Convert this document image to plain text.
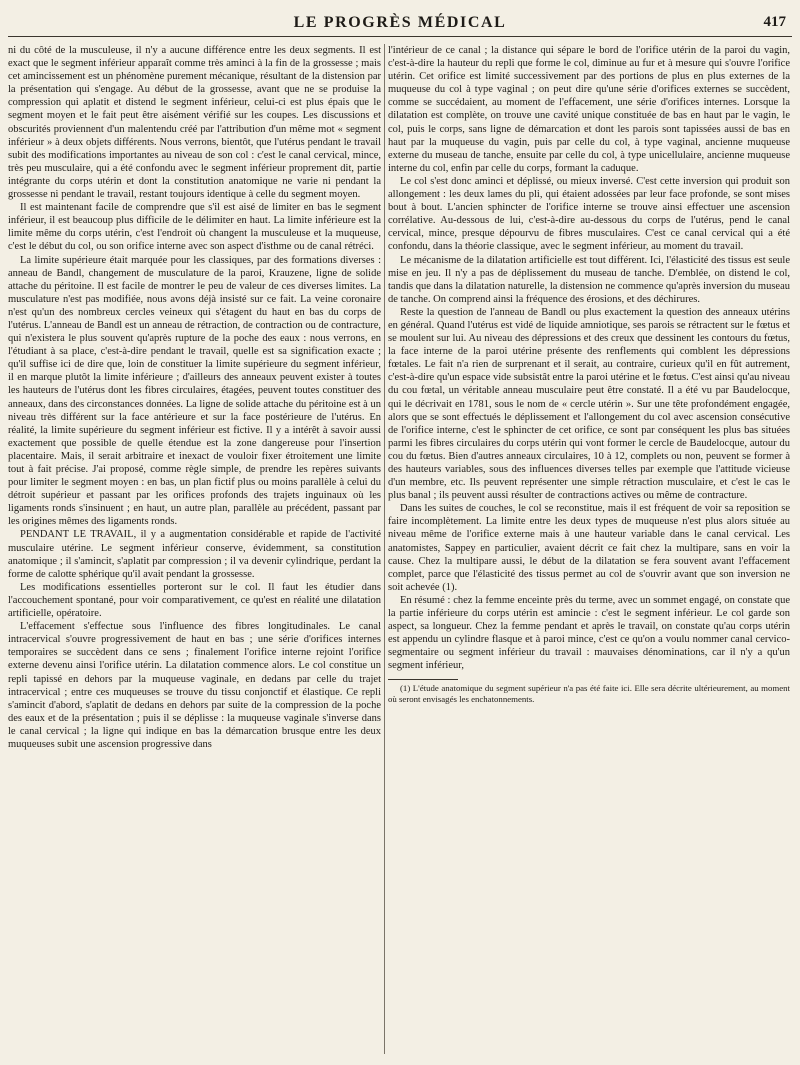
LE PROGRÈS MÉDICAL	417

ni du côté de la musculeuse, il n'y a aucune différence entre les deux segments. Il est exact que le segment inférieur apparaît comme très aminci à la fin de la grossesse ; mais cet amincissement est un phénomène purement mécanique, résultant de la distension par la présentation qui s'engage. Au début de la grossesse, avant que ne se produise la compression qui aplatit et distend le segment inférieur, celui-ci est plus épais que le segment moyen et le fait peut être aisément vérifié sur les coupes. Les discussions et obscurités proviennent d'un malentendu créé par l'attribution d'un même mot « segment inférieur » à deux objets différents. Nous verrons, bientôt, que l'utérus pendant le travail subit des modifications importantes au niveau de son col : c'est le canal cervical, mince, très peu musculaire, qui a été confondu avec le segment inférieur proprement dit, partie intégrante du corps utérin et dont la constitution anatomique ne varie ni pendant la grossesse ni pendant le travail, restant toujours identique à celle du segment moyen.

Il est maintenant facile de comprendre que s'il est aisé de limiter en bas le segment inférieur, il est beaucoup plus difficile de le délimiter en haut. La limite inférieure est la limite même du corps utérin, c'est l'endroit où changent la musculeuse et la muqueuse, c'est le début du col, ou son orifice interne avec son aspect d'isthme ou de canal rétréci.

La limite supérieure était marquée pour les classiques, par des formations diverses : anneau de Bandl, changement de musculature de la paroi, Krauzene, ligne de solide attache du péritoine. Il est facile de montrer le peu de valeur de ces diverses limites. La musculature n'est pas modifiée, nous avons déjà insisté sur ce fait. La veine coronaire n'est qu'un des nombreux cercles veineux qui s'étagent du haut en bas du corps de l'utérus. L'anneau de Bandl est un anneau de rétraction, de contraction ou de contracture, qui n'existera le plus souvent qu'après rupture de la poche des eaux : nous verrons, en l'étudiant à sa place, c'est-à-dire pendant le travail, quelle est sa signification exacte ; qu'il suffise ici de dire que, loin de constituer la limite supérieure du segment inférieur, il en marque plutôt la limite inférieure ; d'ailleurs des anneaux peuvent exister à toutes les hauteurs de l'utérus dont les fibres circulaires, étagées, peuvent toutes constituer des anneaux, dans des circonstances données. La ligne de solide attache du péritoine est à un niveau très différent sur la face antérieure et sur la face postérieure de l'utérus. En réalité, la limite supérieure du segment inférieur est fictive. Il y a intérêt à savoir aussi exactement que possible de quelle étendue est la zone dangereuse pour l'insertion placentaire. Mais, il serait arbitraire et inexact de vouloir fixer étroitement une limite tout à fait précise. J'ai proposé, comme règle simple, de prendre les repères suivants pour limiter le segment moyen : en bas, un plan fictif plus ou moins parallèle à celui du détroit supérieur et passant par les orifices profonds des trajets inguinaux où les ligaments ronds s'insinuent ; en haut, un autre plan, parallèle au précédent, passant par les origines mêmes des ligaments ronds.

PENDANT LE TRAVAIL, il y a augmentation considérable et rapide de l'activité musculaire utérine. Le segment inférieur conserve, évidemment, sa constitution anatomique ; il s'amincit, s'aplatit par compression ; il va devenir cylindrique, perdant la forme de calotte sphérique qu'il avait pendant la grossesse.

Les modifications essentielles porteront sur le col. Il faut les étudier dans l'accouchement spontané, pour voir comparativement, ce qu'est en réalité une dilatation artificielle, opératoire.

L'effacement s'effectue sous l'influence des fibres longitudinales. Le canal intracervical s'ouvre progressivement de haut en bas ; une série d'orifices internes temporaires se succèdent dans ce sens ; finalement l'orifice interne rejoint l'orifice externe devenu ainsi l'orifice utérin. La dilatation commence alors. Le col constitue un repli tapissé en dehors par la muqueuse vaginale, en dedans par celle du trajet intracervical ; entre ces muqueuses se trouve du tissu conjonctif et élastique. Ce repli s'amincit d'abord, s'aplatit de dedans en dehors par suite de la compression de la poche des eaux et de la présentation ; puis il se déplisse : la muqueuse vaginale s'inverse dans le canal cervical ; la ligne qui indique en bas la démarcation brusque entre les deux muqueuses subit une ascension progressive dans

l'intérieur de ce canal ; la distance qui sépare le bord de l'orifice utérin de la paroi du vagin, c'est-à-dire la hauteur du repli que forme le col, diminue au fur et à mesure qui s'ouvre l'orifice utérin. Cet orifice est limité successivement par des portions de plus en plus externes de la muqueuse du col à type vaginal ; on peut dire qu'une série d'orifices externes se succèdent, comme se succédaient, au moment de l'effacement, une série d'orifices internes. Lorsque la dilatation est complète, on trouve une cavité unique constituée de bas en haut par le vagin, le col, puis le corps, sans ligne de démarcation et dont les parois sont tapissées aussi de bas en haut par la muqueuse du vagin, puis par celle du col, à type vaginal, ancienne muqueuse externe du museau de tanche, ensuite par celle du col, à type unicellulaire, ancienne muqueuse interne du col, enfin par celle du corps, formant la caduque.

Le col s'est donc aminci et déplissé, ou mieux inversé. C'est cette inversion qui produit son allongement : les deux lames du pli, qui étaient adossées par leur face profonde, se sont mises bout à bout. L'ancien sphincter de l'orifice interne se trouve ainsi effectuer une ascension corrélative. Au-dessous de lui, c'est-à-dire au-dessous du corps de l'utérus, pend le canal cervical, mince, presque dépourvu de fibres musculaires. C'est ce canal cervical qui a été confondu, dans la théorie classique, avec le segment inférieur, au moment du travail.

Le mécanisme de la dilatation artificielle est tout différent. Ici, l'élasticité des tissus est seule mise en jeu. Il n'y a pas de déplissement du museau de tanche. D'emblée, on distend le col, tandis que dans la dilatation naturelle, la distension ne commence qu'après inversion du museau de tanche. On comprend ainsi la fréquence des érosions, et des déchirures.

Reste la question de l'anneau de Bandl ou plus exactement la question des anneaux utérins en général. Quand l'utérus est vidé de liquide amniotique, ses parois se rétractent sur le fœtus et se moulent sur lui. Au niveau des dépressions et des creux que dessinent les contours du fœtus, la face interne de la paroi utérine présente des renflements qui comblent les dépressions fœtales. Le fait n'a rien de surprenant et il serait, au contraire, curieux qu'il en fût autrement, c'est-à-dire qu'un espace vide subsistât entre la paroi utérine et le fœtus. C'est ainsi qu'au niveau du cou fœtal, un véritable anneau musculaire peut être constaté. Il a été vu par Baudelocque, qui le décrivait en 1781, sous le nom de « cercle utérin ». Sur une tête profondément engagée, alors que se sont effectués le déplissement et l'allongement du col avec ascension consécutive de l'orifice interne, c'est le sphincter de cet orifice, ce sont par conséquent les plus bas situées parmi les fibres circulaires du corps utérin qui vont former le cercle de Baudelocque, autour du cou du fœtus. Bien d'autres anneaux circulaires, 10 à 12, complets ou non, peuvent se former à des hauteurs variables, sous des influences diverses telles par exemple que l'attitude vicieuse d'un membre, etc. Ils peuvent représenter une simple rétraction musculaire, et c'est le cas le plus banal ; ils peuvent aussi résulter de contractions actives ou même de contracture.

Dans les suites de couches, le col se reconstitue, mais il est fréquent de voir sa reposition se faire incomplètement. La limite entre les deux types de muqueuse n'est plus alors située au niveau même de l'orifice externe mais à une hauteur variable dans le canal cervical. Les anatomistes, Sappey en particulier, avaient décrit ce fait chez la multipare, sans en voir la cause. Chez la multipare aussi, le début de la dilatation se fera souvent avant l'effacement complet, parce que l'élasticité des tissus permet au col de s'ouvrir avant que son inversion ne soit achevée (1).

En résumé : chez la femme enceinte près du terme, avec un sommet engagé, on constate que la partie inférieure du corps utérin est amincie : c'est le segment inférieur. Le col garde son aspect, sa longueur. Chez la femme pendant et après le travail, on constate qu'au corps utérin est appendu un cylindre flasque et à paroi mince, c'est ce qu'on a voulu nommer canal cervico-segmentaire ou segment inférieur du travail : mauvaises dénominations, car il n'y a qu'un segment inférieur,

(1) L'étude anatomique du segment supérieur n'a pas été faite ici. Elle sera décrite ultérieurement, au moment où seront envisagés les enchatonnements.
